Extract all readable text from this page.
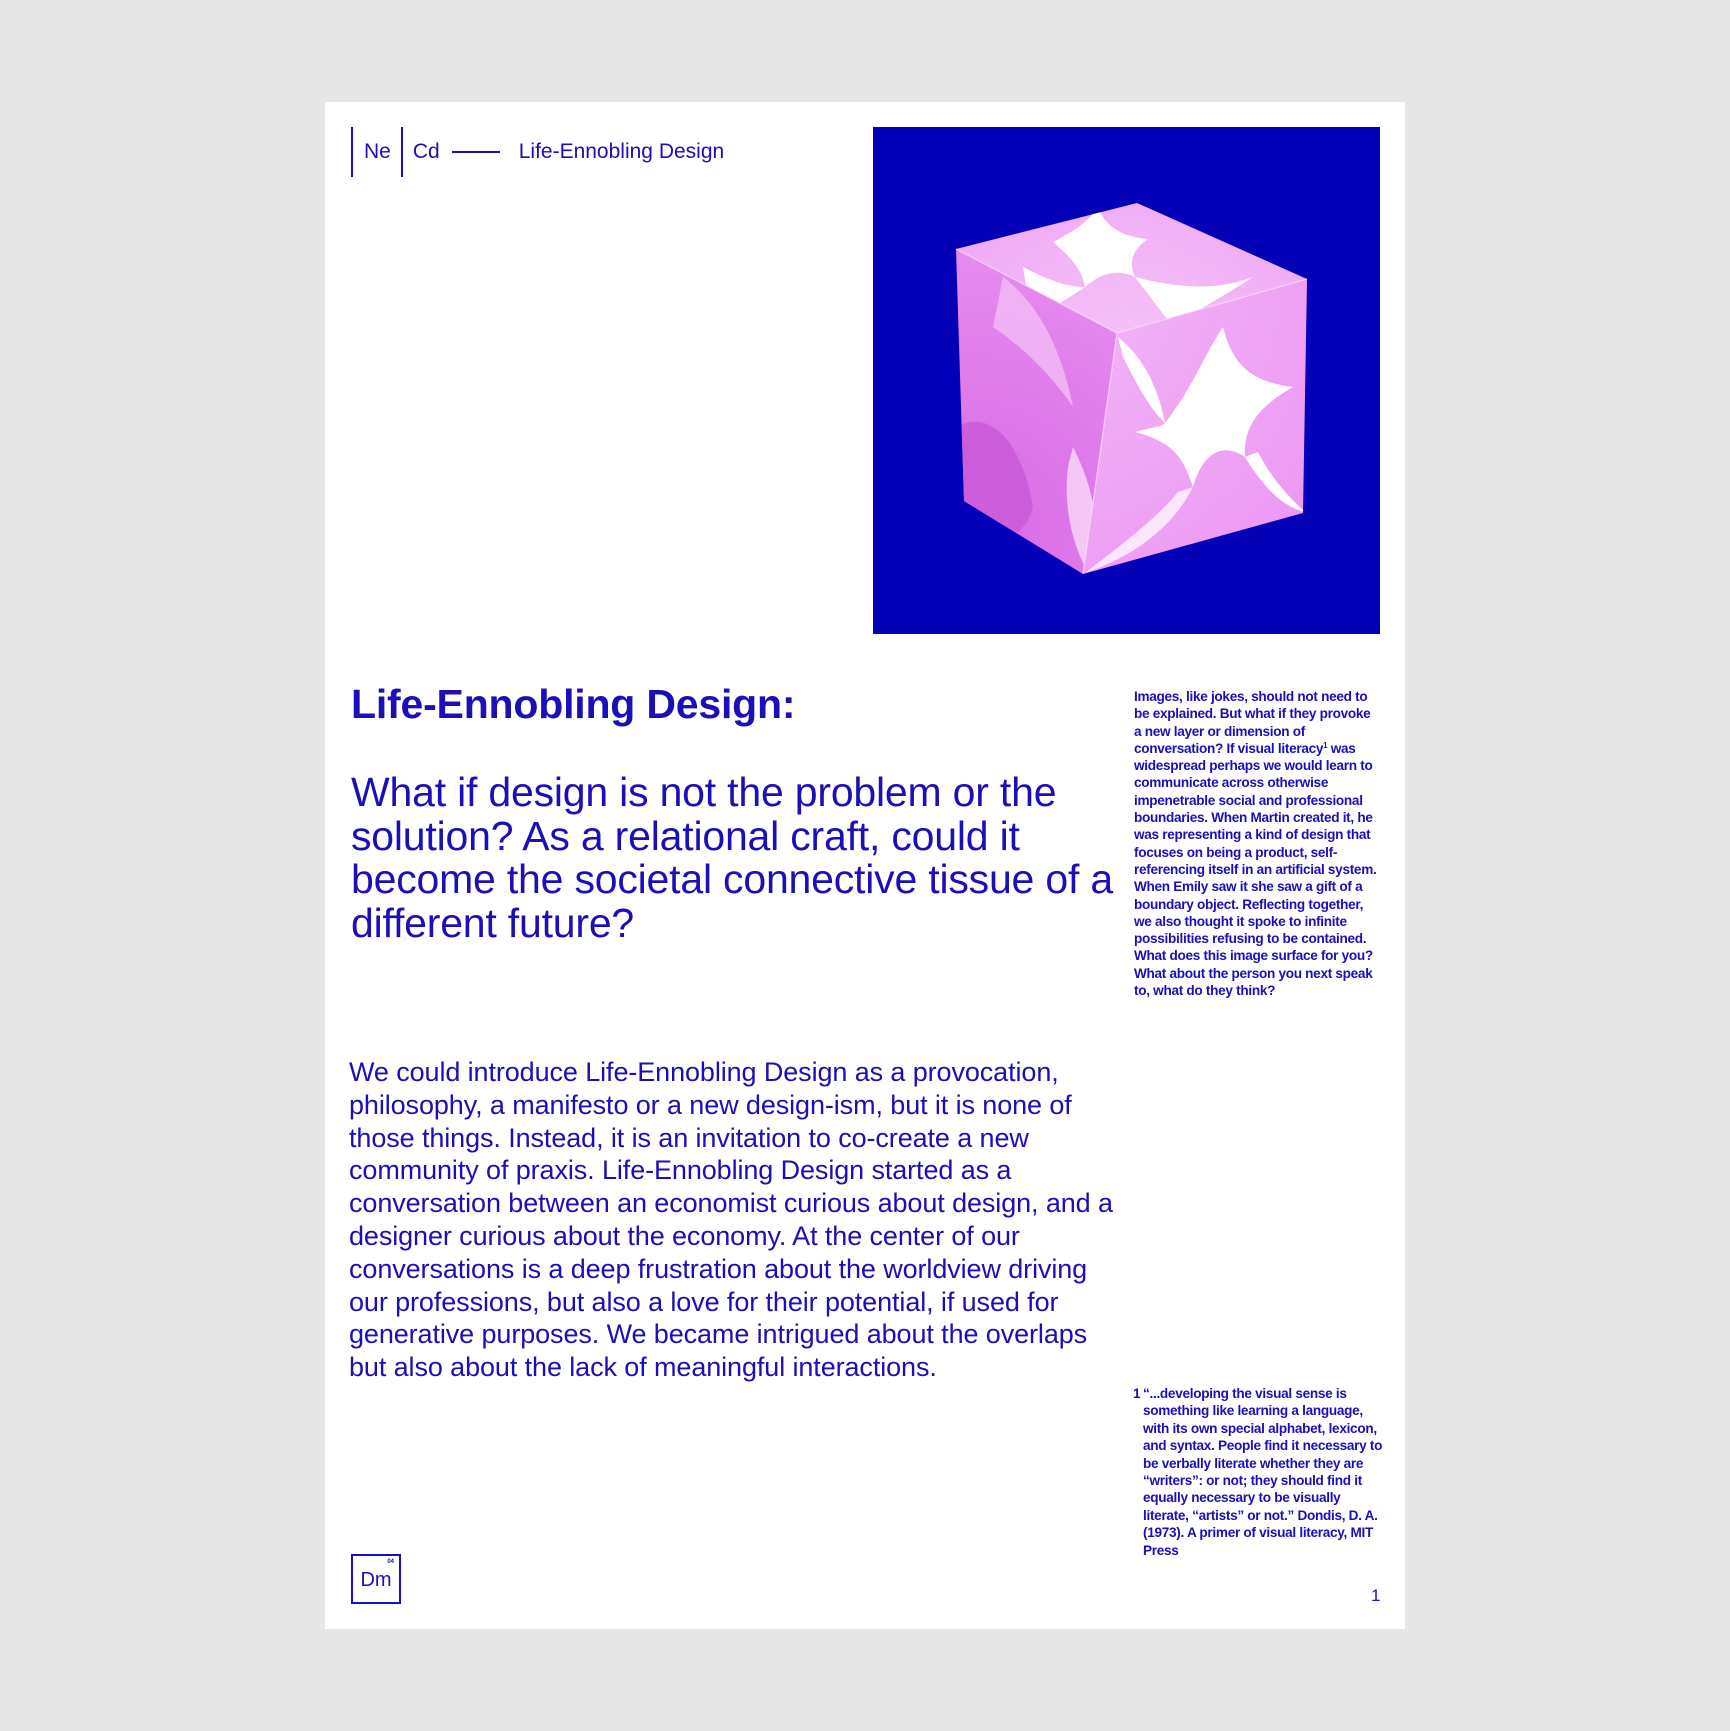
Ne	Cd	Life-Ennobling Design
Life-Ennobling Design:
What if design is not the problem or the solution? As a relational craft, could it become the societal connective tissue of a different future?

We could introduce Life-Ennobling Design as a provocation, philosophy, a manifesto or a new design-ism, but it is none of those things. Instead, it is an invitation to co-create a new community of praxis. Life-Ennobling Design started as a conversation between an economist curious about design, and a designer curious about the economy. At the center of our conversations is a deep frustration about the worldview driving our professions, but also a love for their potential, if used for generative purposes. We became intrigued about the overlaps but also about the lack of meaningful interactions.

Images, like jokes, should not need to be explained. But what if they provoke a new layer or dimension of conversation? If visual literacy$^1$ was widespread perhaps we would learn to communicate across otherwise impenetrable social and professional boundaries. When Martin created it, he was representing a kind of design that focuses on being a product, self-referencing itself in an artificial system. When Emily saw it she saw a gift of a boundary object. Reflecting together, we also thought it spoke to infinite possibilities refusing to be contained. What does this image surface for you? What about the person you next speak to, what do they think?

1 “...developing the visual sense is something like learning a language, with its own special alphabet, lexicon, and syntax. People find it necessary to be verbally literate whether they are “writers”: or not; they should find it equally necessary to be visually literate, “artists” or not.” Dondis, D. A. (1973). A primer of visual literacy, MIT Press
04
Dm
1
